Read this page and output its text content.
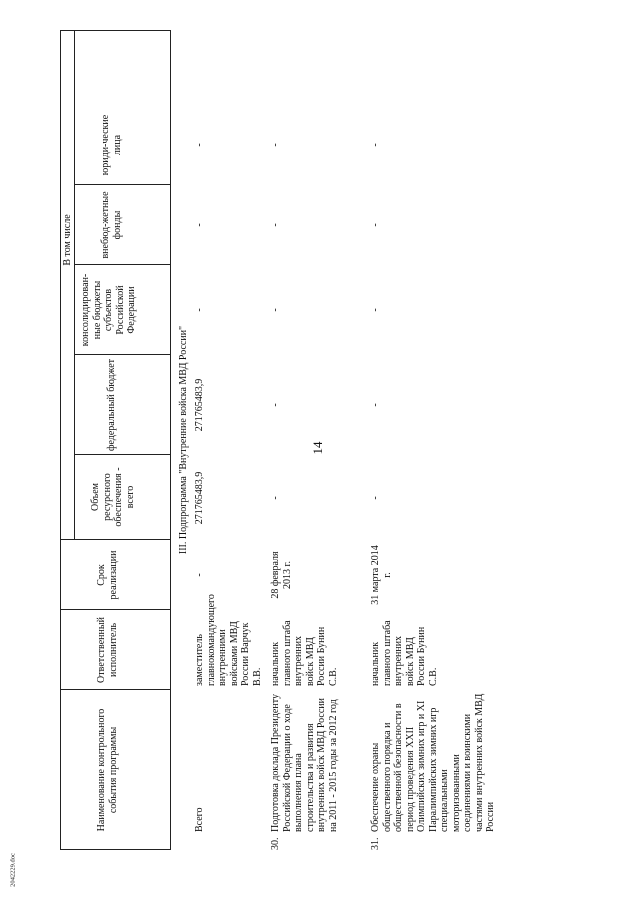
14
2042229.doc
Наименование контрольного события программы
Ответственный исполнитель
Срок реализации
Объем ресурсного обеспечения - всего
В том числе
федеральный бюджет
консолидирован-ные бюджеты субъектов Российской Федерации
внебюд-жетные фонды
юриди-ческие лица
III. Подпрограмма "Внутренние войска МВД России"
Всего
заместитель главнокомандующего внутренними войсками МВД России Варчук В.В.
-
271765483,9
271765483,9
-
-
-
30.
Подготовка доклада Президенту Российской Федерации о ходе выполнения плана строительства и развития внутренних войск МВД России на 2011 - 2015 годы за 2012 год
начальник главного штаба внутренних войск МВД России Бунин С.В.
28 февраля 2013 г.
-
-
-
-
-
31.
Обеспечение охраны общественного порядка и общественной безопасности в период проведения XXII Олимпийских зимних игр и XI Паралимпийских зимних игр специальными моторизованными соединениями и воинскими частями внутренних войск МВД России
начальник главного штаба внутренних войск МВД России Бунин С.В.
31 марта 2014 г.
-
-
-
-
-
